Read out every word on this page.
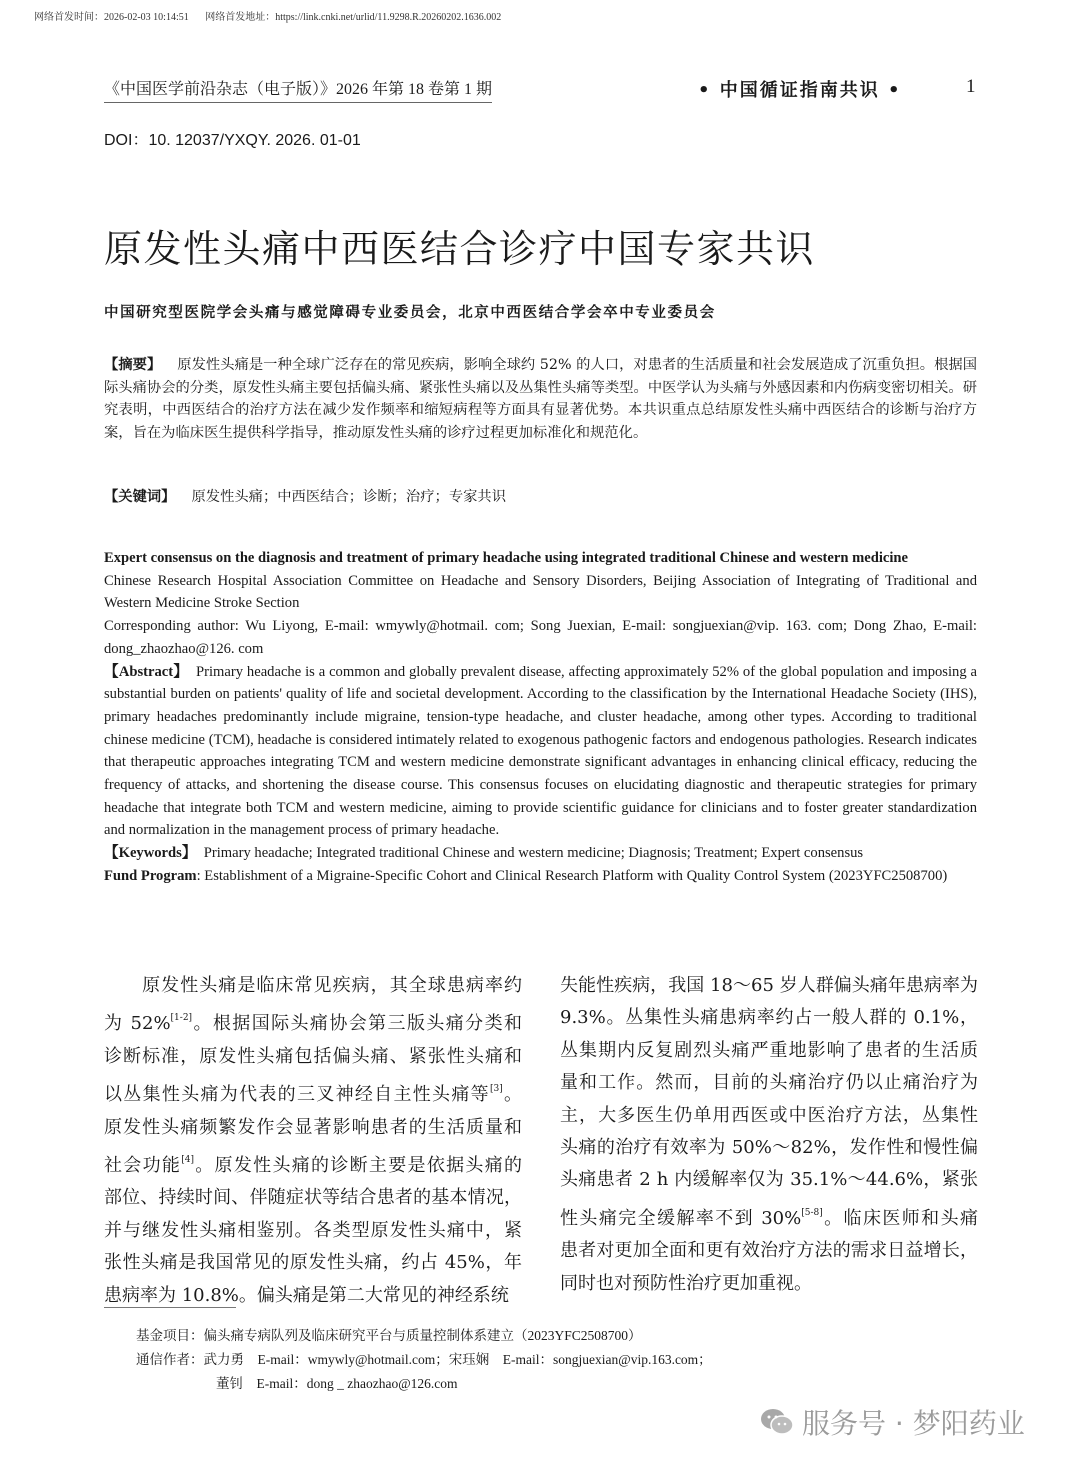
网络首发时间：2026-02-03 10:14:51 网络首发地址：https://link.cnki.net/urlid/11.9298.R.20260202.1636.002
《中国医学前沿杂志（电子版）》2026 年第 18 卷第 1 期	• 中国循证指南共识 •	1
DOI：10. 12037/YXQY. 2026. 01-01
原发性头痛中西医结合诊疗中国专家共识
中国研究型医院学会头痛与感觉障碍专业委员会，北京中西医结合学会卒中专业委员会
【摘要】 原发性头痛是一种全球广泛存在的常见疾病，影响全球约 52% 的人口，对患者的生活质量和社会发展造成了沉重负担。根据国际头痛协会的分类，原发性头痛主要包括偏头痛、紧张性头痛以及丛集性头痛等类型。中医学认为头痛与外感因素和内伤病变密切相关。研究表明，中西医结合的治疗方法在减少发作频率和缩短病程等方面具有显著优势。本共识重点总结原发性头痛中西医结合的诊断与治疗方案，旨在为临床医生提供科学指导，推动原发性头痛的诊疗过程更加标准化和规范化。
【关键词】 原发性头痛；中西医结合；诊断；治疗；专家共识

Expert consensus on the diagnosis and treatment of primary headache using integrated traditional Chinese and western medicine

Chinese Research Hospital Association Committee on Headache and Sensory Disorders, Beijing Association of Integrating of Traditional and Western Medicine Stroke Section

Corresponding author: Wu Liyong, E-mail: wmywly@hotmail. com; Song Juexian, E-mail: songjuexian@vip. 163. com; Dong Zhao, E-mail: dong_zhaozhao@126. com

【Abstract】 Primary headache is a common and globally prevalent disease, affecting approximately 52% of the global population and imposing a substantial burden on patients' quality of life and societal development. According to the classification by the International Headache Society (IHS), primary headaches predominantly include migraine, tension-type headache, and cluster headache, among other types. According to traditional chinese medicine (TCM), headache is considered intimately related to exogenous pathogenic factors and endogenous pathologies. Research indicates that therapeutic approaches integrating TCM and western medicine demonstrate significant advantages in enhancing clinical efficacy, reducing the frequency of attacks, and shortening the disease course. This consensus focuses on elucidating diagnostic and therapeutic strategies for primary headache that integrate both TCM and western medicine, aiming to provide scientific guidance for clinicians and to foster greater standardization and normalization in the management process of primary headache.

【Keywords】 Primary headache; Integrated traditional Chinese and western medicine; Diagnosis; Treatment; Expert consensus

Fund Program: Establishment of a Migraine-Specific Cohort and Clinical Research Platform with Quality Control System (2023YFC2508700)

　　原发性头痛是临床常见疾病，其全球患病率约
为 52%[1-2]。根据国际头痛协会第三版头痛分类和
诊断标准，原发性头痛包括偏头痛、紧张性头痛和
以丛集性头痛为代表的三叉神经自主性头痛等[3]。
原发性头痛频繁发作会显著影响患者的生活质量和
社会功能[4]。原发性头痛的诊断主要是依据头痛的
部位、持续时间、伴随症状等结合患者的基本情况，
并与继发性头痛相鉴别。各类型原发性头痛中，紧
张性头痛是我国常见的原发性头痛，约占 45%，年
患病率为 10.8%。偏头痛是第二大常见的神经系统
失能性疾病，我国 18～65 岁人群偏头痛年患病率为
9.3%。丛集性头痛患病率约占一般人群的 0.1%，
丛集期内反复剧烈头痛严重地影响了患者的生活质
量和工作。然而，目前的头痛治疗仍以止痛治疗为
主，大多医生仍单用西医或中医治疗方法，丛集性
头痛的治疗有效率为 50%～82%，发作性和慢性偏
头痛患者 2 h 内缓解率仅为 35.1%～44.6%，紧张
性头痛完全缓解率不到 30%[5-8]。临床医师和头痛
患者对更加全面和更有效治疗方法的需求日益增长，
同时也对预防性治疗更加重视。
基金项目：偏头痛专病队列及临床研究平台与质量控制体系建立（2023YFC2508700）
通信作者：武力勇　E-mail：wmywly@hotmail.com；宋珏娴　E-mail：songjuexian@vip.163.com；
董钊　E-mail：dong _ zhaozhao@126.com
服务号 · 梦阳药业
